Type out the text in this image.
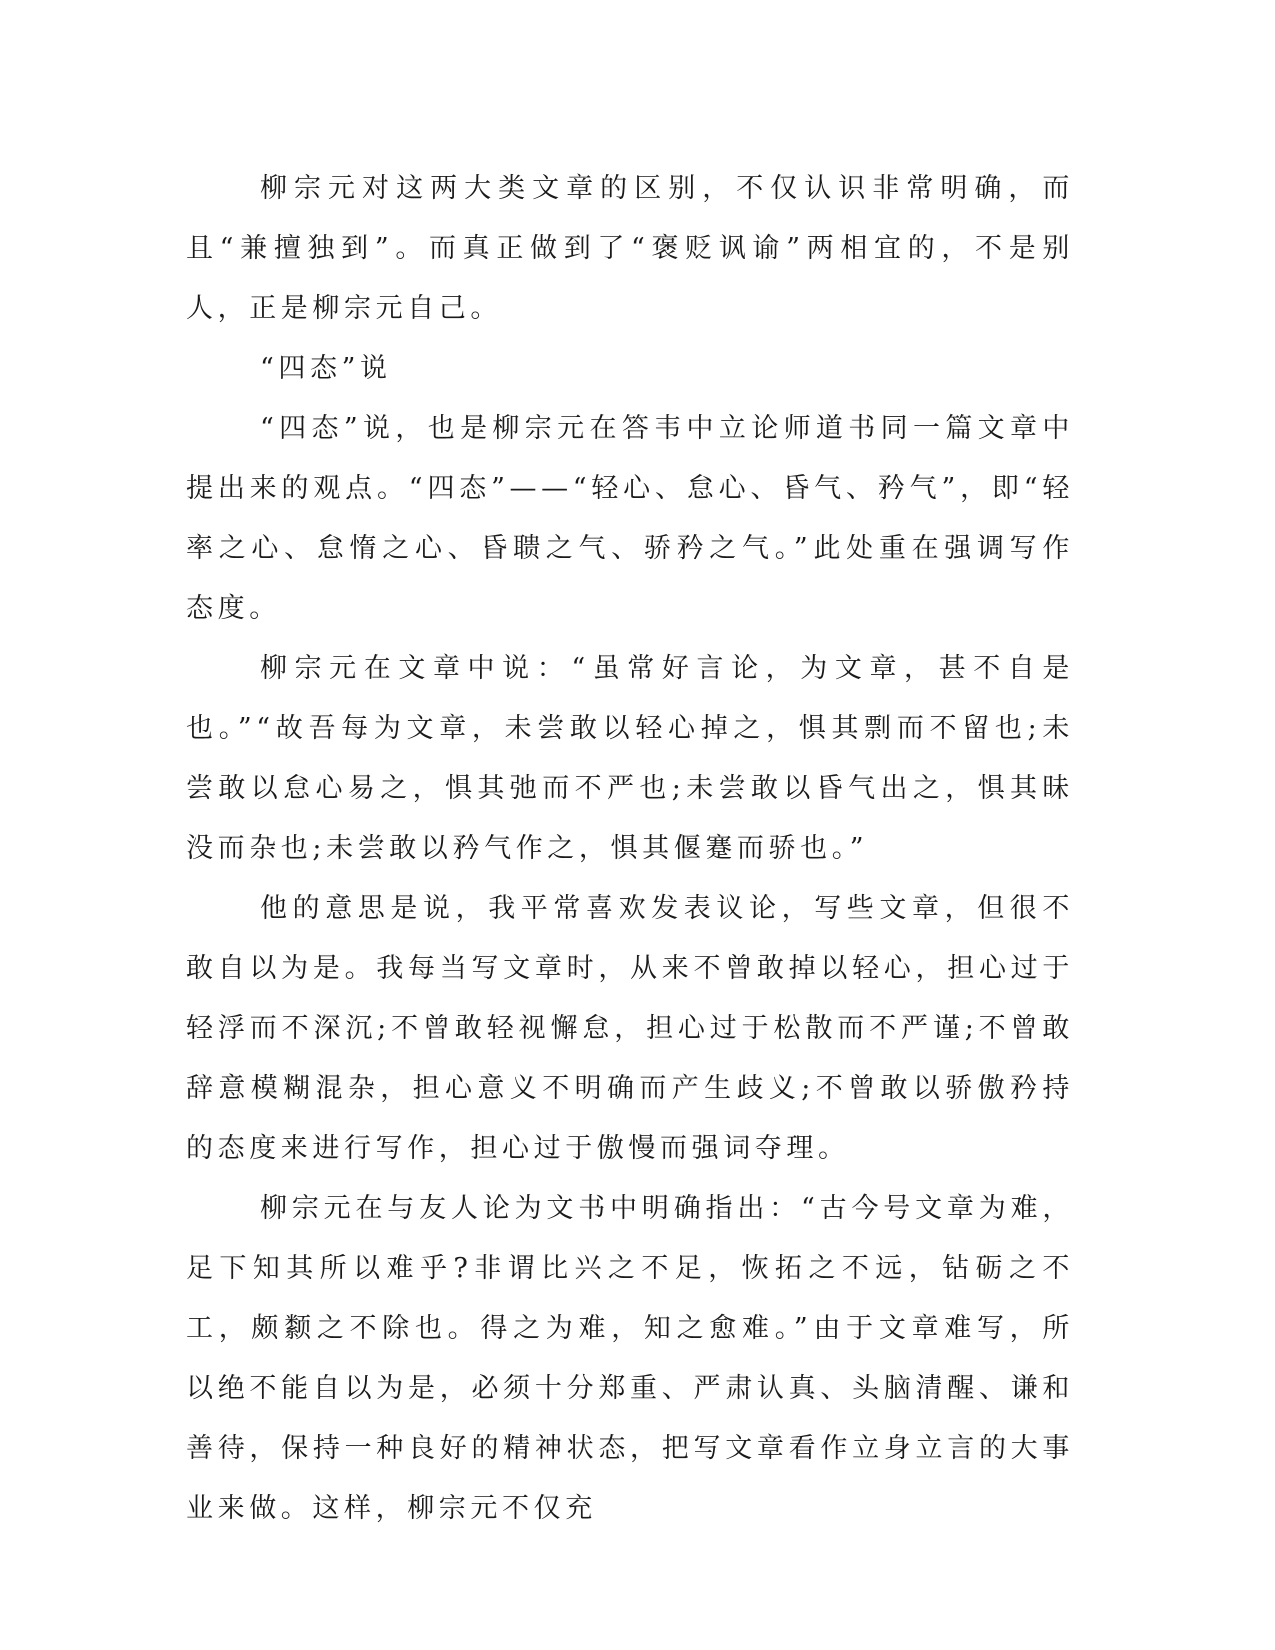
柳宗元对这两大类文章的区别，不仅认识非常明确，而且“兼擅独到”。而真正做到了“褒贬讽谕”两相宜的，不是别人，正是柳宗元自己。

“四态”说

“四态”说，也是柳宗元在答韦中立论师道书同一篇文章中提出来的观点。“四态”——“轻心、怠心、昏气、矜气”，即“轻率之心、怠惰之心、昏聩之气、骄矜之气。”此处重在强调写作态度。

柳宗元在文章中说：“虽常好言论，为文章，甚不自是也。”“故吾每为文章，未尝敢以轻心掉之，惧其剽而不留也;未尝敢以怠心易之，惧其弛而不严也;未尝敢以昏气出之，惧其昧没而杂也;未尝敢以矜气作之，惧其偃蹇而骄也。”

他的意思是说，我平常喜欢发表议论，写些文章，但很不敢自以为是。我每当写文章时，从来不曾敢掉以轻心，担心过于轻浮而不深沉;不曾敢轻视懈怠，担心过于松散而不严谨;不曾敢辞意模糊混杂，担心意义不明确而产生歧义;不曾敢以骄傲矜持的态度来进行写作，担心过于傲慢而强词夺理。

柳宗元在与友人论为文书中明确指出：“古今号文章为难，足下知其所以难乎?非谓比兴之不足，恢拓之不远，钻砺之不工，颇颣之不除也。得之为难，知之愈难。”由于文章难写，所以绝不能自以为是，必须十分郑重、严肃认真、头脑清醒、谦和善待，保持一种良好的精神状态，把写文章看作立身立言的大事业来做。这样，柳宗元不仅充
